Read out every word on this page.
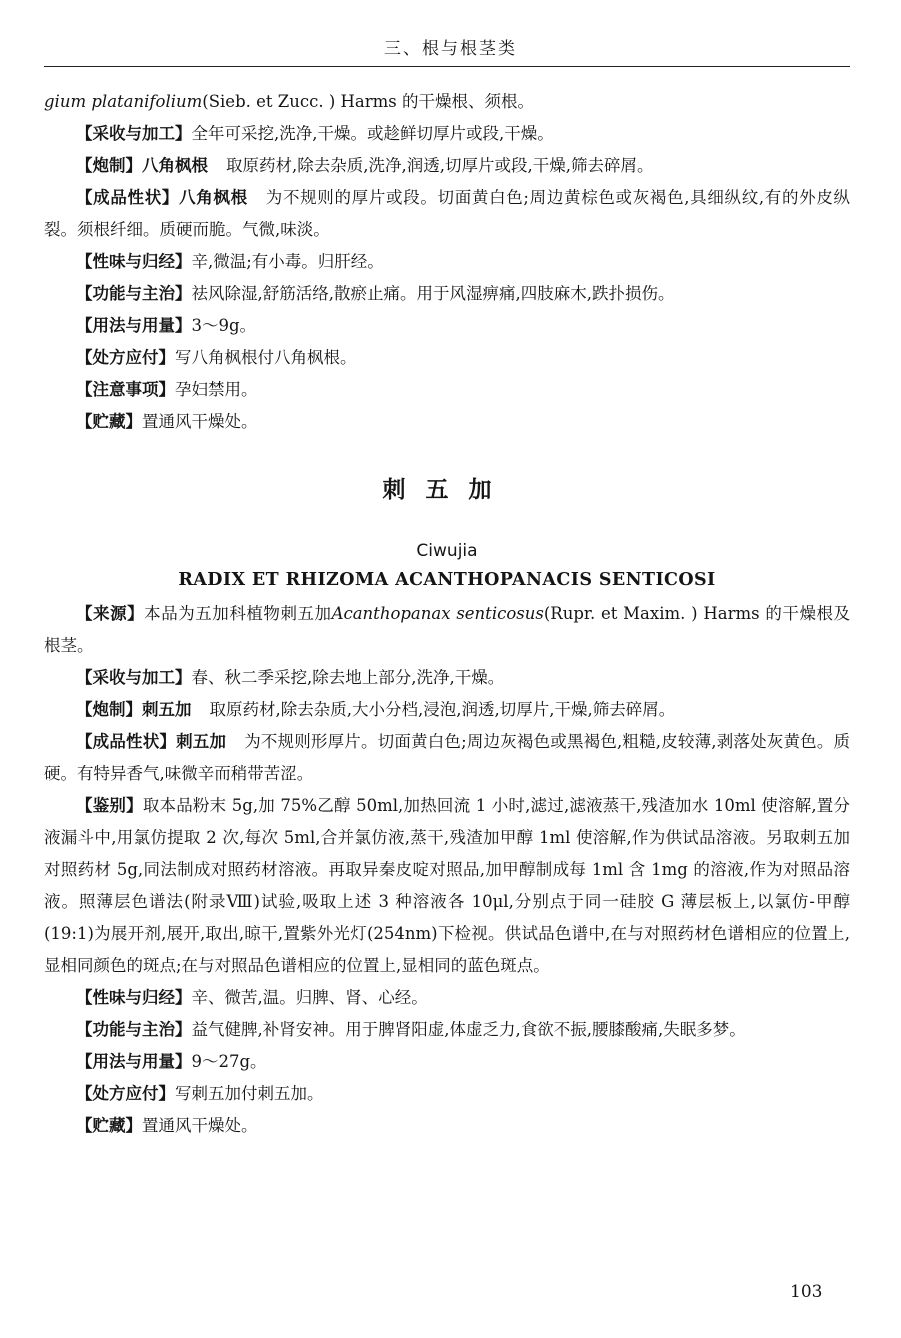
三、根与根茎类

gium platanifolium(Sieb. et Zucc. ) Harms 的干燥根、须根。

【采收与加工】全年可采挖,洗净,干燥。或趁鲜切厚片或段,干燥。

【炮制】八角枫根 取原药材,除去杂质,洗净,润透,切厚片或段,干燥,筛去碎屑。

【成品性状】八角枫根 为不规则的厚片或段。切面黄白色;周边黄棕色或灰褐色,具细纵纹,有的外皮纵裂。须根纤细。质硬而脆。气微,味淡。

【性味与归经】辛,微温;有小毒。归肝经。

【功能与主治】祛风除湿,舒筋活络,散瘀止痛。用于风湿痹痛,四肢麻木,跌扑损伤。

【用法与用量】3～9g。

【处方应付】写八角枫根付八角枫根。

【注意事项】孕妇禁用。

【贮藏】置通风干燥处。

刺五加
Ciwujia
RADIX ET RHIZOMA ACANTHOPANACIS SENTICOSI

【来源】本品为五加科植物刺五加Acanthopanax senticosus(Rupr. et Maxim. ) Harms 的干燥根及根茎。

【采收与加工】春、秋二季采挖,除去地上部分,洗净,干燥。

【炮制】刺五加 取原药材,除去杂质,大小分档,浸泡,润透,切厚片,干燥,筛去碎屑。

【成品性状】刺五加 为不规则形厚片。切面黄白色;周边灰褐色或黑褐色,粗糙,皮较薄,剥落处灰黄色。质硬。有特异香气,味微辛而稍带苦涩。

【鉴别】取本品粉末 5g,加 75%乙醇 50ml,加热回流 1 小时,滤过,滤液蒸干,残渣加水 10ml 使溶解,置分液漏斗中,用氯仿提取 2 次,每次 5ml,合并氯仿液,蒸干,残渣加甲醇 1ml 使溶解,作为供试品溶液。另取刺五加对照药材 5g,同法制成对照药材溶液。再取异秦皮啶对照品,加甲醇制成每 1ml 含 1mg 的溶液,作为对照品溶液。照薄层色谱法(附录Ⅷ)试验,吸取上述 3 种溶液各 10μl,分别点于同一硅胶 G 薄层板上,以氯仿-甲醇(19:1)为展开剂,展开,取出,晾干,置紫外光灯(254nm)下检视。供试品色谱中,在与对照药材色谱相应的位置上,显相同颜色的斑点;在与对照品色谱相应的位置上,显相同的蓝色斑点。

【性味与归经】辛、微苦,温。归脾、肾、心经。

【功能与主治】益气健脾,补肾安神。用于脾肾阳虚,体虚乏力,食欲不振,腰膝酸痛,失眠多梦。

【用法与用量】9～27g。

【处方应付】写刺五加付刺五加。

【贮藏】置通风干燥处。

103
